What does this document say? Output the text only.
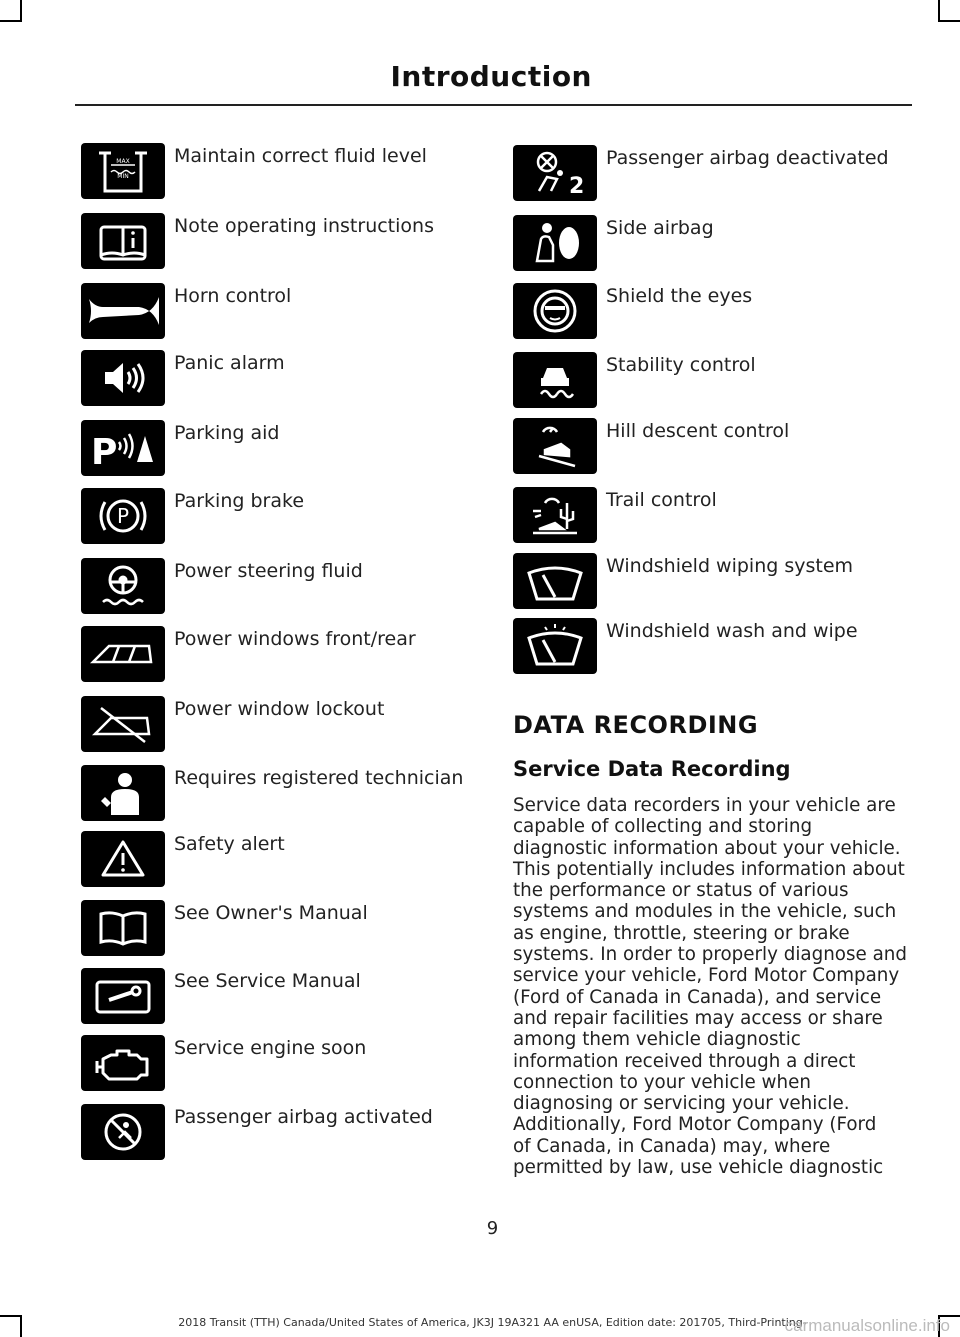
Introduction
MAX
MIN
Maintain correct fluid level
Note operating instructions
Horn control
Panic alarm
P	Parking aid
P
Parking brake
Power steering fluid
Power windows front/rear
Power window lockout
Requires registered technician
Safety alert
See Owner's Manual
See Service Manual
Service engine soon
Passenger airbag activated
2
Passenger airbag deactivated
Side airbag
Shield the eyes
Stability control
Hill descent control
Trail control
Windshield wiping system
Windshield wash and wipe
DATA RECORDING
Service Data Recording
Service data recorders in your vehicle are
capable of collecting and storing
diagnostic information about your vehicle.
This potentially includes information about
the performance or status of various
systems and modules in the vehicle, such
as engine, throttle, steering or brake
systems. In order to properly diagnose and
service your vehicle, Ford Motor Company
(Ford of Canada in Canada), and service
and repair facilities may access or share
among them vehicle diagnostic
information received through a direct
connection to your vehicle when
diagnosing or servicing your vehicle.
Additionally, Ford Motor Company (Ford
of Canada, in Canada) may, where
permitted by law, use vehicle diagnostic
9
2018 Transit (TTH) Canada/United States of America, JK3J 19A321 AA enUSA, Edition date: 201705, Third-Printing-
carmanualsonline.info
